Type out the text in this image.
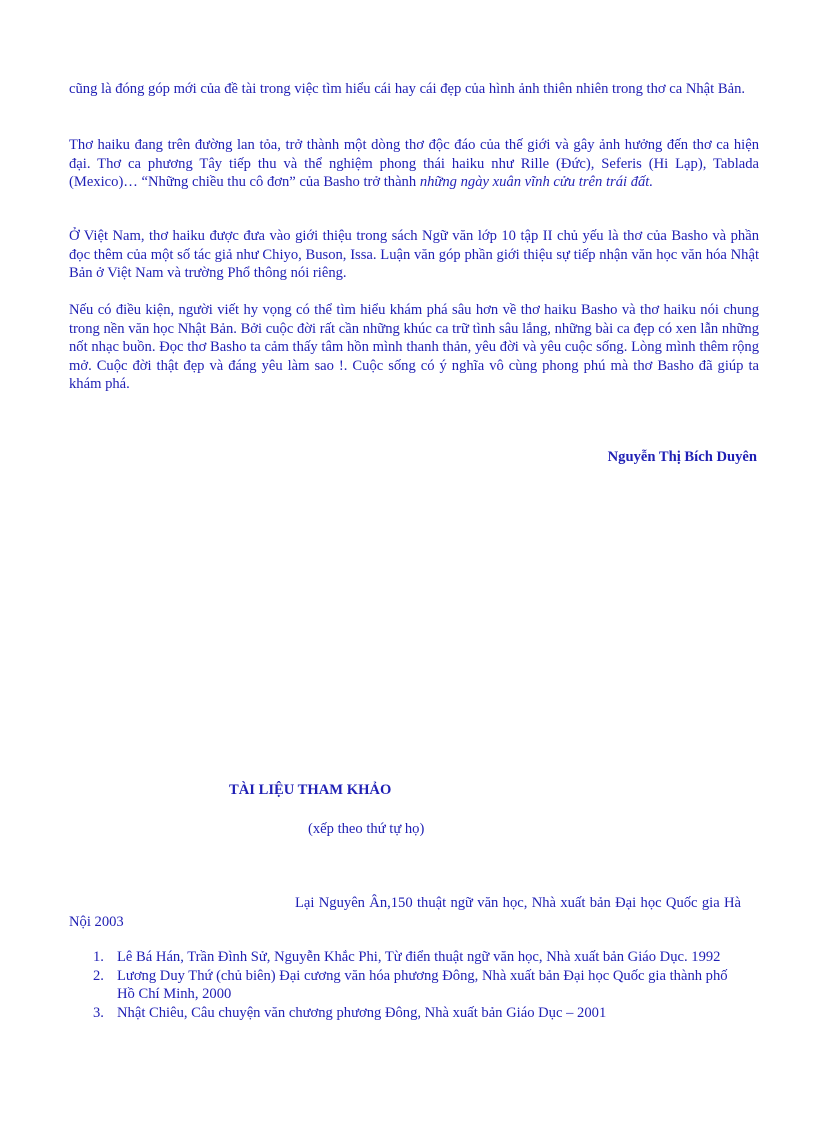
cũng là đóng góp mới của đề tài trong việc tìm hiểu cái hay cái đẹp của hình ảnh thiên nhiên trong thơ ca Nhật Bản.

Thơ haiku đang trên đường lan tỏa, trở thành một dòng thơ độc đáo của thế giới và gây ảnh hưởng đến thơ ca hiện đại. Thơ ca phương Tây tiếp thu và thể nghiệm phong thái haiku như Rille (Đức), Seferis (Hi Lạp), Tablada (Mexico)… “Những chiều thu cô đơn” của Basho trở thành những ngày xuân vĩnh cửu trên trái đất.

Ở Việt Nam, thơ haiku được đưa vào giới thiệu trong sách Ngữ văn lớp 10 tập II chủ yếu là thơ của Basho và phần đọc thêm của một số tác giả như Chiyo, Buson, Issa. Luận văn góp phần giới thiệu sự tiếp nhận văn học văn hóa Nhật Bản ở Việt Nam và trường Phổ thông nói riêng.

Nếu có điều kiện, người viết hy vọng có thể tìm hiểu khám phá sâu hơn về thơ haiku Basho và thơ haiku nói chung trong nền văn học Nhật Bản. Bởi cuộc đời rất cần những khúc ca trữ tình sâu lắng, những bài ca đẹp có xen lẫn những nốt nhạc buồn. Đọc thơ Basho ta cảm thấy tâm hồn mình thanh thản, yêu đời và yêu cuộc sống. Lòng mình thêm rộng mở. Cuộc đời thật đẹp và đáng yêu làm sao !. Cuộc sống có ý nghĩa vô cùng phong phú mà thơ Basho đã giúp ta khám phá.

Nguyễn Thị Bích Duyên

TÀI LIỆU THAM KHẢO

(xếp theo thứ tự họ)

Lại Nguyên Ân,150 thuật ngữ văn học, Nhà xuất bản Đại học Quốc gia Hà Nội 2003

1. Lê Bá Hán, Trần Đình Sử, Nguyễn Khắc Phi, Từ điển thuật ngữ văn học, Nhà xuất bản Giáo Dục. 1992
2. Lương Duy Thứ (chủ biên) Đại cương văn hóa phương Đông, Nhà xuất bản Đại học Quốc gia thành phố Hồ Chí Minh, 2000
3. Nhật Chiêu, Câu chuyện văn chương phương Đông, Nhà xuất bản Giáo Dục – 2001
